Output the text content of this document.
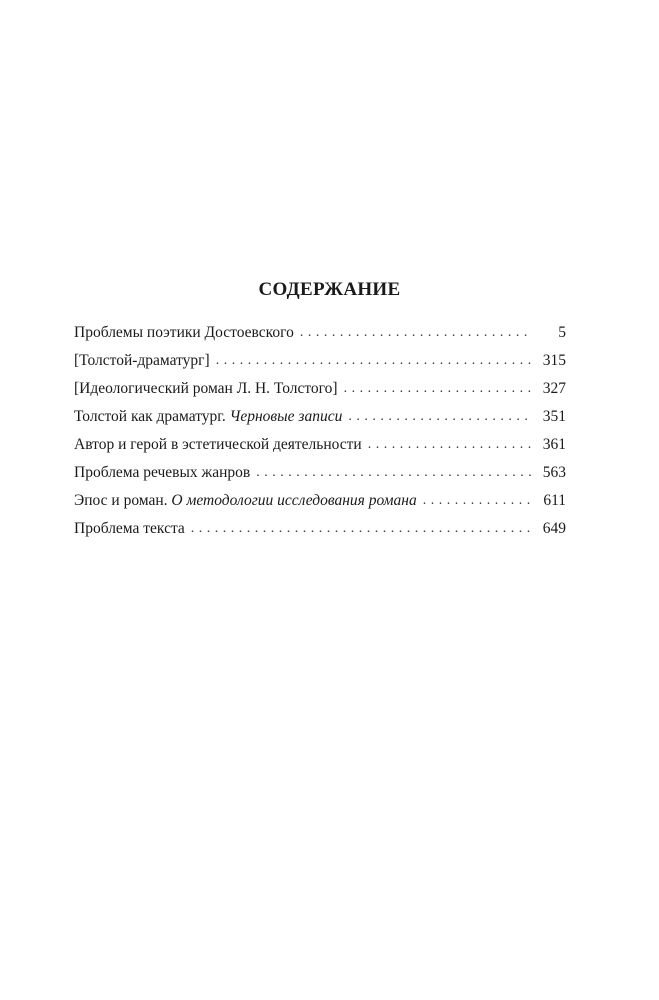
СОДЕРЖАНИЕ
Проблемы поэтики Достоевского . . .	5
[Толстой-драматург] . . .	315
[Идеологический роман Л. Н. Толстого] . . .	327
Толстой как драматург. Черновые записи . . .	351
Автор и герой в эстетической деятельности . . .	361
Проблема речевых жанров . . .	563
Эпос и роман. О методологии исследования романа . . .	611
Проблема текста . . .	649
